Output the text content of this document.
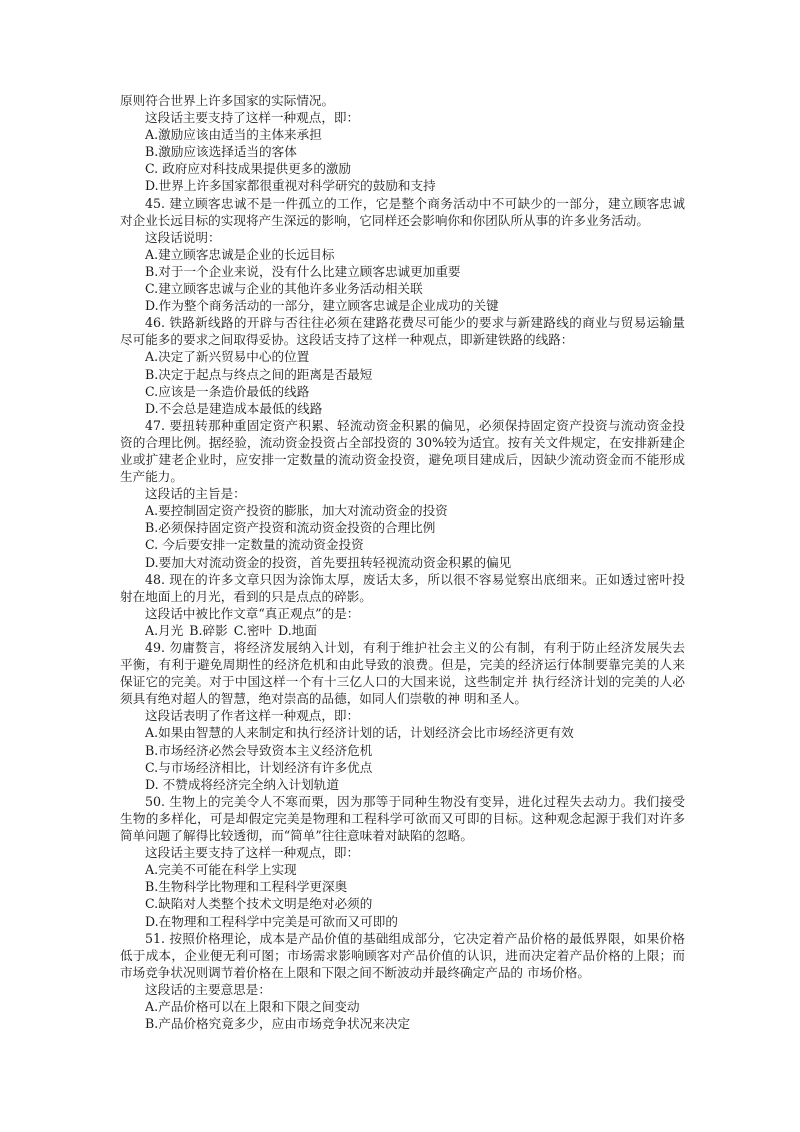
原则符合世界上许多国家的实际情况。

这段话主要支持了这样一种观点，即：

A.激励应该由适当的主体来承担

B.激励应该选择适当的客体

C. 政府应对科技成果提供更多的激励

D.世界上许多国家都很重视对科学研究的鼓励和支持

45. 建立顾客忠诚不是一件孤立的工作，它是整个商务活动中不可缺少的一部分，建立顾客忠诚对企业长远目标的实现将产生深远的影响，它同样还会影响你和你团队所从事的许多业务活动。

这段话说明：

A.建立顾客忠诚是企业的长远目标

B.对于一个企业来说，没有什么比建立顾客忠诚更加重要

C.建立顾客忠诚与企业的其他许多业务活动相关联

D.作为整个商务活动的一部分，建立顾客忠诚是企业成功的关键

46. 铁路新线路的开辟与否往往必须在建路花费尽可能少的要求与新建路线的商业与贸易运输量尽可能多的要求之间取得妥协。这段话支持了这样一种观点，即新建铁路的线路：

A.决定了新兴贸易中心的位置

B.决定于起点与终点之间的距离是否最短

C.应该是一条造价最低的线路

D.不会总是建造成本最低的线路

47. 要扭转那种重固定资产积累、轻流动资金积累的偏见，必须保持固定资产投资与流动资金投资的合理比例。据经验，流动资金投资占全部投资的 30%较为适宜。按有关文件规定，在安排新建企业或扩建老企业时，应安排一定数量的流动资金投资，避免项目建成后，因缺少流动资金而不能形成生产能力。

这段话的主旨是：

A.要控制固定资产投资的膨胀，加大对流动资金的投资

B.必须保持固定资产投资和流动资金投资的合理比例

C. 今后要安排一定数量的流动资金投资

D.要加大对流动资金的投资，首先要扭转轻视流动资金积累的偏见

48. 现在的许多文章只因为涂饰太厚，废话太多，所以很不容易觉察出底细来。正如透过密叶投射在地面上的月光，看到的只是点点的碎影。

这段话中被比作文章“真正观点”的是：

A.月光 B.碎影 C.密叶 D.地面

49. 勿庸赘言，将经济发展纳入计划，有利于维护社会主义的公有制，有利于防止经济发展失去平衡，有利于避免周期性的经济危机和由此导致的浪费。但是，完美的经济运行体制要靠完美的人来保证它的完美。对于中国这样一个有十三亿人口的大国来说，这些制定并 执行经济计划的完美的人必须具有绝对超人的智慧，绝对崇高的品德，如同人们崇敬的神 明和圣人。

这段话表明了作者这样一种观点，即：

A.如果由智慧的人来制定和执行经济计划的话，计划经济会比市场经济更有效

B.市场经济必然会导致资本主义经济危机

C.与市场经济相比，计划经济有许多优点

D. 不赞成将经济完全纳入计划轨道

50. 生物上的完美令人不寒而栗，因为那等于同种生物没有变异，进化过程失去动力。我们接受生物的多样化，可是却假定完美是物理和工程科学可欲而又可即的目标。这种观念起源于我们对许多简单问题了解得比较透彻，而“简单”往往意味着对缺陷的忽略。

这段话主要支持了这样一种观点，即：

A.完美不可能在科学上实现

B.生物科学比物理和工程科学更深奥

C.缺陷对人类整个技术文明是绝对必须的

D.在物理和工程科学中完美是可欲而又可即的

51. 按照价格理论，成本是产品价值的基础组成部分，它决定着产品价格的最低界限，如果价格低于成本，企业便无利可图；市场需求影响顾客对产品价值的认识，进而决定着产品价格的上限；而市场竞争状况则调节着价格在上限和下限之间不断波动并最终确定产品的 市场价格。

这段话的主要意思是：

A.产品价格可以在上限和下限之间变动

B.产品价格究竟多少，应由市场竞争状况来决定
